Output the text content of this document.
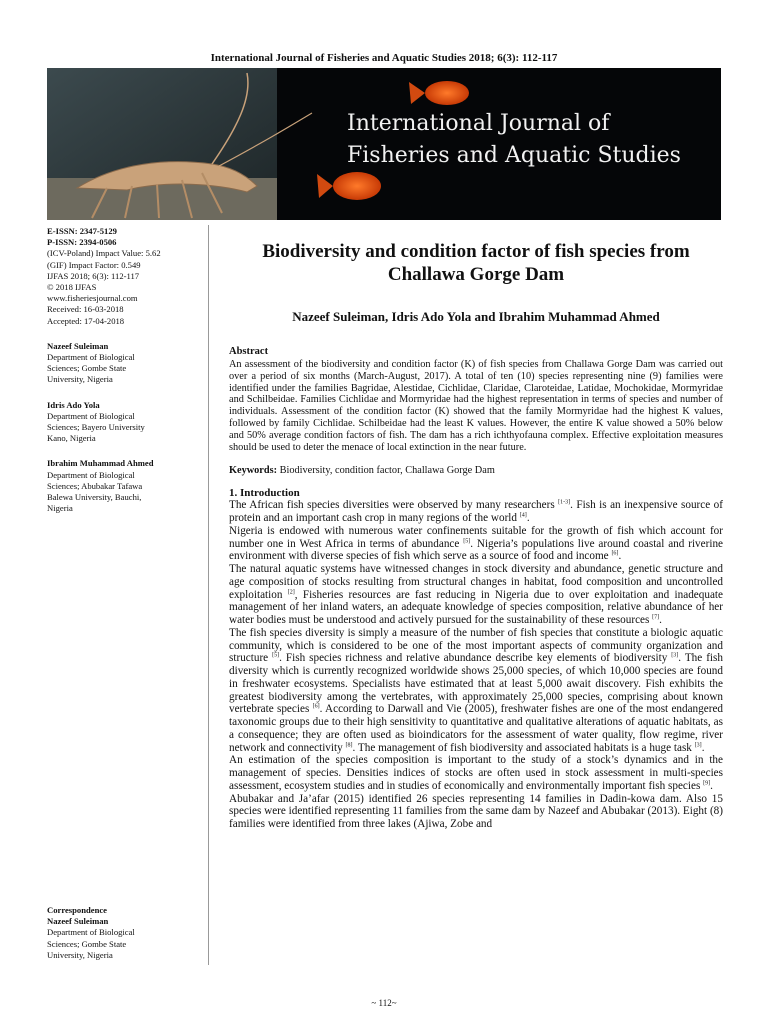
International Journal of Fisheries and Aquatic Studies 2018; 6(3): 112-117
International Journal of
Fisheries and Aquatic Studies
E-ISSN: 2347-5129
P-ISSN: 2394-0506
(ICV-Poland) Impact Value: 5.62
(GIF) Impact Factor: 0.549
IJFAS 2018; 6(3): 112-117
© 2018 IJFAS
www.fisheriesjournal.com
Received: 16-03-2018
Accepted: 17-04-2018
Nazeef Suleiman
Department of Biological
Sciences; Gombe State
University, Nigeria
Idris Ado Yola
Department of Biological
Sciences; Bayero University
Kano, Nigeria
Ibrahim Muhammad Ahmed
Department of Biological
Sciences; Abubakar Tafawa
Balewa University, Bauchi,
Nigeria
Correspondence
Nazeef Suleiman
Department of Biological
Sciences; Gombe State
University, Nigeria
Biodiversity and condition factor of fish species from
Challawa Gorge Dam
Nazeef Suleiman, Idris Ado Yola and Ibrahim Muhammad Ahmed
Abstract

An assessment of the biodiversity and condition factor (K) of fish species from Challawa Gorge Dam was carried out over a period of six months (March-August, 2017). A total of ten (10) species representing nine (9) families were identified under the families Bagridae, Alestidae, Cichlidae, Claridae, Claroteidae, Latidae, Mochokidae, Mormyridae and Schilbeidae. Families Cichlidae and Mormyridae had the highest representation in terms of species and number of individuals. Assessment of the condition factor (K) showed that the family Mormyridae had the highest K values, followed by family Cichlidae. Schilbeidae had the least K values. However, the entire K value showed a 50% below and 50% average condition factors of fish. The dam has a rich ichthyofauna complex. Effective exploitation measures should be used to deter the menace of local extinction in the near future.

Keywords: Biodiversity, condition factor, Challawa Gorge Dam
1. Introduction

The African fish species diversities were observed by many researchers [1-3]. Fish is an inexpensive source of protein and an important cash crop in many regions of the world [4].

Nigeria is endowed with numerous water confinements suitable for the growth of fish which account for number one in West Africa in terms of abundance [5]. Nigeria’s populations live around coastal and riverine environment with diverse species of fish which serve as a source of food and income [6].

The natural aquatic systems have witnessed changes in stock diversity and abundance, genetic structure and age composition of stocks resulting from structural changes in habitat, food composition and uncontrolled exploitation [2], Fisheries resources are fast reducing in Nigeria due to over exploitation and inadequate management of her inland waters, an adequate knowledge of species composition, relative abundance of her water bodies must be understood and actively pursued for the sustainability of these resources [7].

The fish species diversity is simply a measure of the number of fish species that constitute a biologic aquatic community, which is considered to be one of the most important aspects of community organization and structure [5]. Fish species richness and relative abundance describe key elements of biodiversity [3]. The fish diversity which is currently recognized worldwide shows 25,000 species, of which 10,000 species are found in freshwater ecosystems. Specialists have estimated that at least 5,000 await discovery. Fish exhibits the greatest biodiversity among the vertebrates, with approximately 25,000 species, comprising about known vertebrate species [6]. According to Darwall and Vie (2005), freshwater fishes are one of the most endangered taxonomic groups due to their high sensitivity to quantitative and qualitative alterations of aquatic habitats, as a consequence; they are often used as bioindicators for the assessment of water quality, flow regime, river network and connectivity [8]. The management of fish biodiversity and associated habitats is a huge task [3].

An estimation of the species composition is important to the study of a stock’s dynamics and in the management of species. Densities indices of stocks are often used in stock assessment in multi-species assessment, ecosystem studies and in studies of economically and environmentally important fish species [9].

Abubakar and Ja’afar (2015) identified 26 species representing 14 families in Dadin-kowa dam. Also 15 species were identified representing 11 families from the same dam by Nazeef and Abubakar (2013). Eight (8) families were identified from three lakes (Ajiwa, Zobe and

~ 112~
